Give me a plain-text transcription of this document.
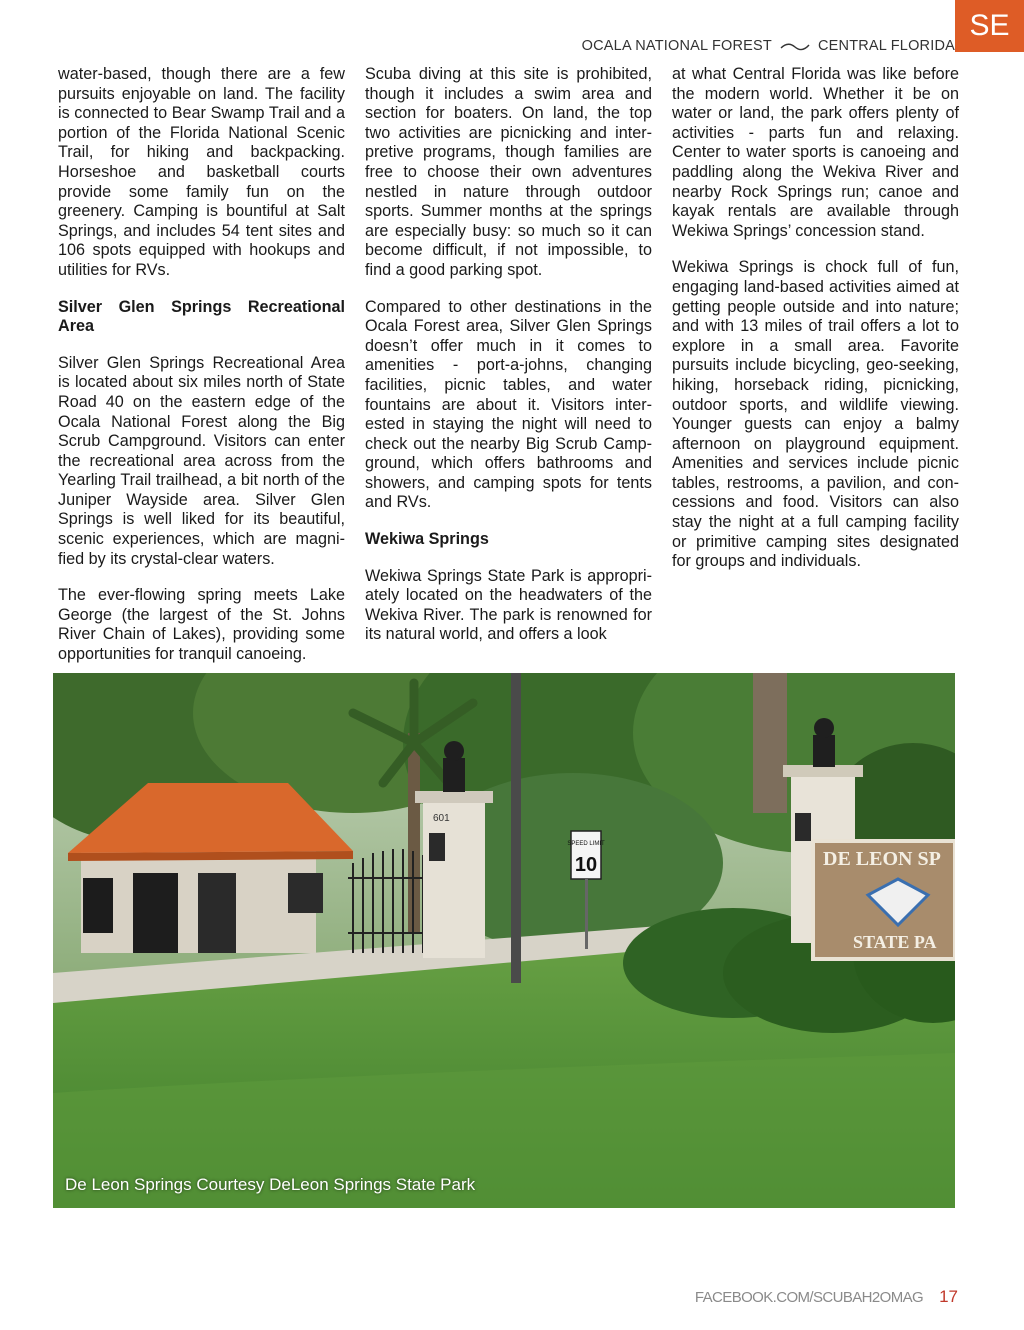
OCALA NATIONAL FOREST	CENTRAL FLORIDA
SE

water-based, though there are a few pursuits enjoyable on land. The facility is connected to Bear Swamp Trail and a portion of the Florida National Scenic Trail, for hiking and backpacking. Horseshoe and basketball courts provide some family fun on the greenery. Camping is bountiful at Salt Springs, and includes 54 tent sites and 106 spots equipped with hookups and utilities for RVs.

Silver Glen Springs Recreational Area

Silver Glen Springs Recreational Area is located about six miles north of State Road 40 on the eastern edge of the Ocala National Forest along the Big Scrub Campground. Visitors can enter the recreational area across from the Yearling Trail trailhead, a bit north of the Juniper Wayside area. Silver Glen Springs is well liked for its beautiful, scenic experiences, which are magnified by its crystal-clear waters.

The ever-flowing spring meets Lake George (the largest of the St. Johns River Chain of Lakes), providing some opportunities for tranquil canoeing.

Scuba diving at this site is prohibited, though it includes a swim area and section for boaters. On land, the top two activities are picnicking and interpretive programs, though families are free to choose their own adventures nestled in nature through outdoor sports. Summer months at the springs are especially busy: so much so it can become difficult, if not impossible, to find a good parking spot.

Compared to other destinations in the Ocala Forest area, Silver Glen Springs doesn’t offer much in it comes to amenities - port-a-johns, changing facilities, picnic tables, and water fountains are about it. Visitors interested in staying the night will need to check out the nearby Big Scrub Campground, which offers bathrooms and showers, and camping spots for tents and RVs.

Wekiwa Springs

Wekiwa Springs State Park is appropriately located on the headwaters of the Wekiva River. The park is renowned for its natural world, and offers a look

at what Central Florida was like before the modern world. Whether it be on water or land, the park offers plenty of activities - parts fun and relaxing. Center to water sports is canoeing and paddling along the Wekiva River and nearby Rock Springs run; canoe and kayak rentals are available through Wekiwa Springs’ concession stand.

Wekiwa Springs is chock full of fun, engaging land-based activities aimed at getting people outside and into nature; and with 13 miles of trail offers a lot to explore in a small area. Favorite pursuits include bicycling, geo-seeking, hiking, horseback riding, picnicking, outdoor sports, and wildlife viewing. Younger guests can enjoy a balmy afternoon on playground equipment. Amenities and services include picnic tables, restrooms, a pavilion, and concessions and food. Visitors can also stay the night at a full camping facility or primitive camping sites designated for groups and individuals.

601
SPEED LIMIT
10	DE LEON SP
STATE PA
De Leon Springs Courtesy DeLeon Springs State Park
FACEBOOK.COM/SCUBAH2OMAG 17
